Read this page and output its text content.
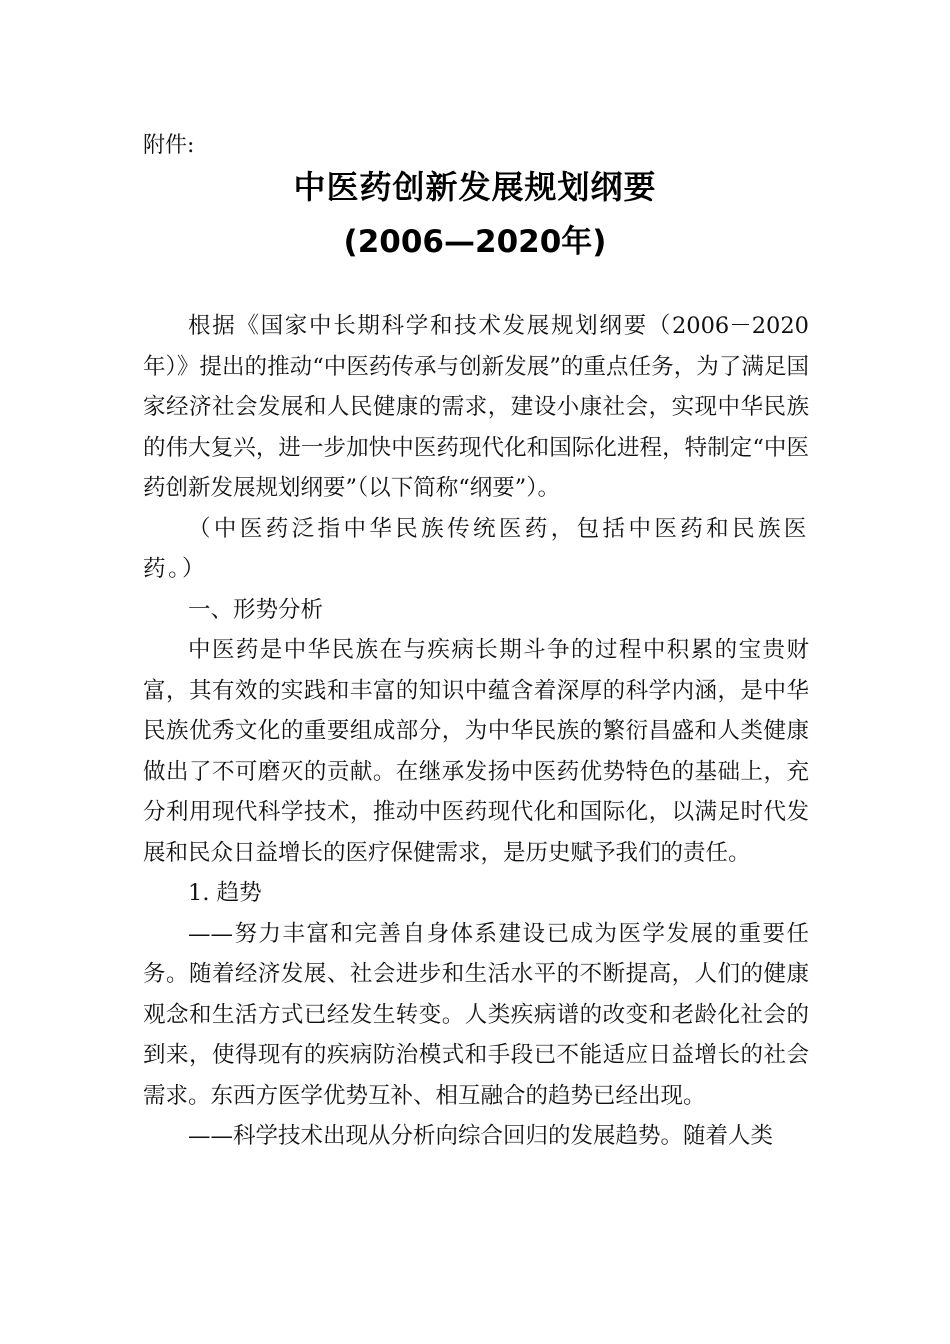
附件:
中医药创新发展规划纲要
(2006—2020年)

根据《国家中长期科学和技术发展规划纲要（2006－2020年）》提出的推动“中医药传承与创新发展”的重点任务，为了满足国家经济社会发展和人民健康的需求，建设小康社会，实现中华民族的伟大复兴，进一步加快中医药现代化和国际化进程，特制定“中医药创新发展规划纲要”（以下简称“纲要”）。

（中医药泛指中华民族传统医药，包括中医药和民族医药。）

一、形势分析

中医药是中华民族在与疾病长期斗争的过程中积累的宝贵财富，其有效的实践和丰富的知识中蕴含着深厚的科学内涵，是中华民族优秀文化的重要组成部分，为中华民族的繁衍昌盛和人类健康做出了不可磨灭的贡献。在继承发扬中医药优势特色的基础上，充分利用现代科学技术，推动中医药现代化和国际化，以满足时代发展和民众日益增长的医疗保健需求，是历史赋予我们的责任。

1. 趋势

——努力丰富和完善自身体系建设已成为医学发展的重要任务。随着经济发展、社会进步和生活水平的不断提高，人们的健康观念和生活方式已经发生转变。人类疾病谱的改变和老龄化社会的到来，使得现有的疾病防治模式和手段已不能适应日益增长的社会需求。东西方医学优势互补、相互融合的趋势已经出现。

——科学技术出现从分析向综合回归的发展趋势。随着人类
